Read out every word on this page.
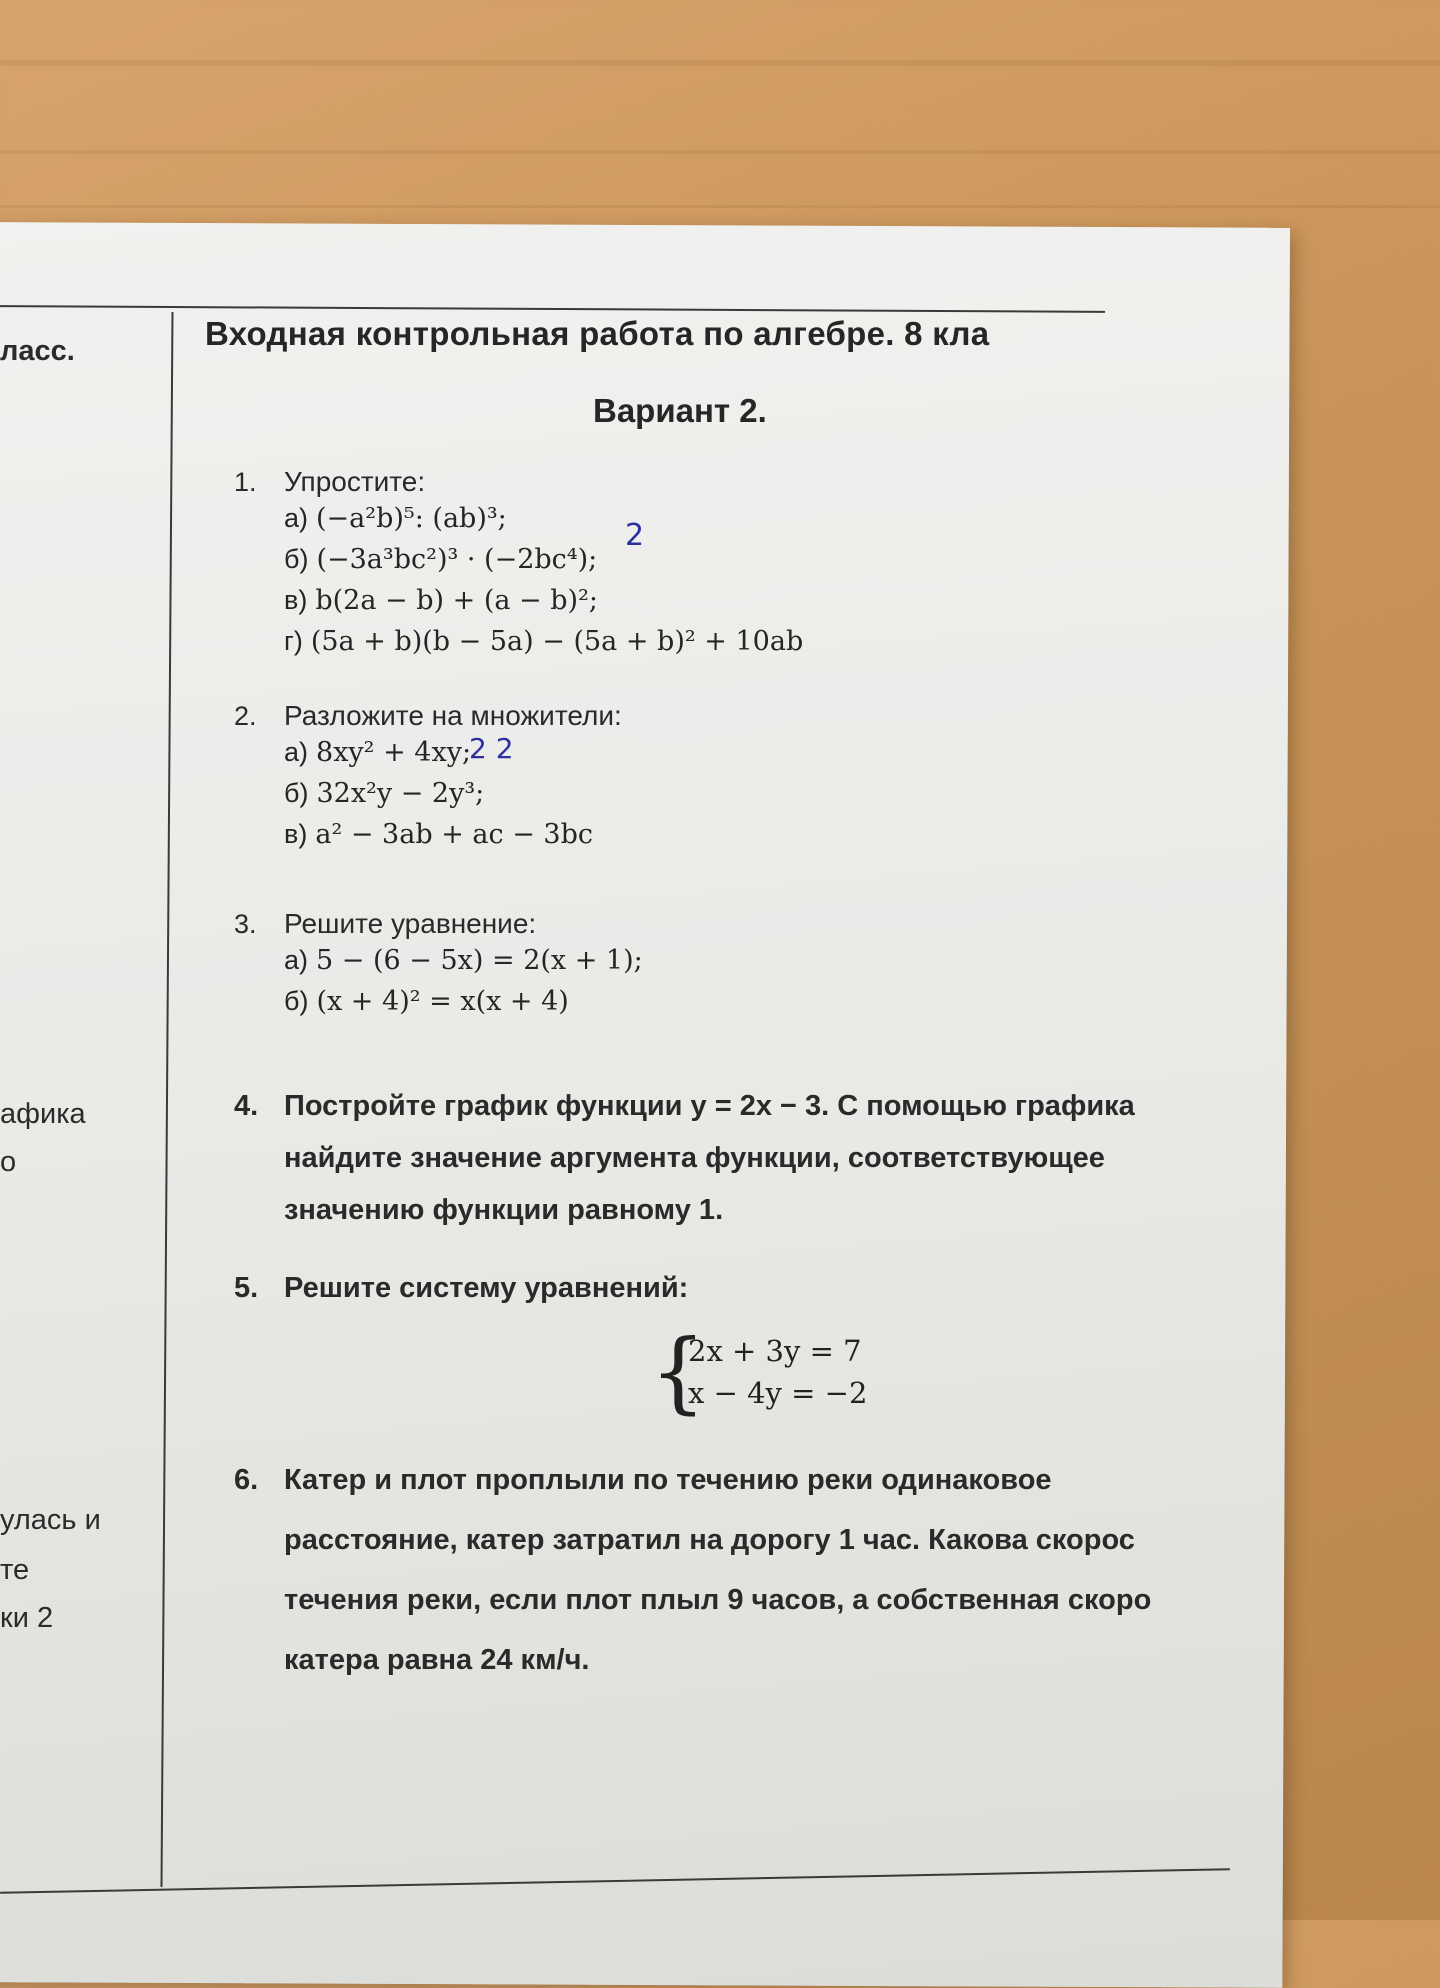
ласс.
афика
о
улась и
те
ки 2
Входная контрольная работа по алгебре. 8 кла
Вариант 2.
1. Упростите:
а) (−a²b)⁵: (ab)³;
б) (−3a³bc²)³ · (−2bc⁴);
в) b(2a − b) + (a − b)²;
г) (5a + b)(b − 5a) − (5a + b)² + 10ab
2
2. Разложите на множители:
а) 8xy² + 4xy;
б) 32x²y − 2y³;
в) a² − 3ab + ac − 3bc
2 2
3. Решите уравнение:
а) 5 − (6 − 5x) = 2(x + 1);
б) (x + 4)² = x(x + 4)
4. Постройте график функции y = 2x − 3. С помощью графика
найдите значение аргумента функции, соответствующее
значению функции равному 1.
5. Решите систему уравнений:
{
2x + 3y = 7
x − 4y = −2
6. Катер и плот проплыли по течению реки одинаковое
расстояние, катер затратил на дорогу 1 час. Какова скорос
течения реки, если плот плыл 9 часов, а собственная скоро
катера равна 24 км/ч.
